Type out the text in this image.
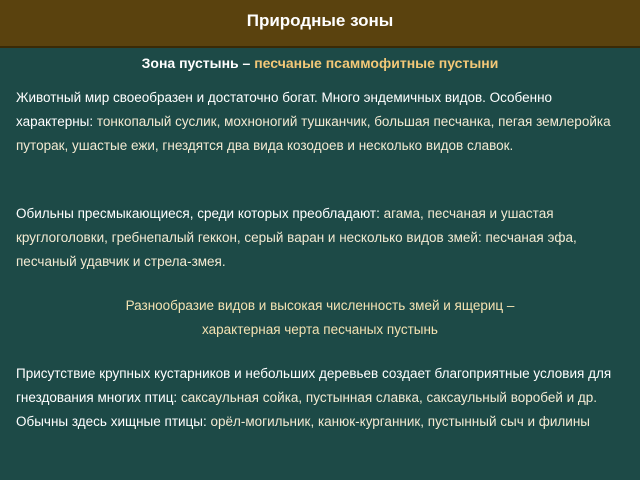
Природные зоны
Зона пустынь – песчаные псаммофитные пустыни
Животный мир своеобразен и достаточно богат. Много эндемичных видов. Особенно характерны: тонкопалый суслик, мохноногий тушканчик, большая песчанка, пегая землеройка путорак, ушастые ежи, гнездятся два вида козодоев и несколько видов славок.
Обильны пресмыкающиеся, среди которых преобладают: агама, песчаная и ушастая круглоголовки, гребнепалый геккон, серый варан и несколько видов змей: песчаная эфа, песчаный удавчик и стрела-змея.
Разнообразие видов и высокая численность змей и ящериц –
характерная черта песчаных пустынь
Присутствие крупных кустарников и небольших деревьев создает благоприятные условия для гнездования многих птиц: саксаульная сойка, пустынная славка, саксаульный воробей и др. Обычны здесь хищные птицы: орёл-могильник, канюк-курганник, пустынный сыч и филины
